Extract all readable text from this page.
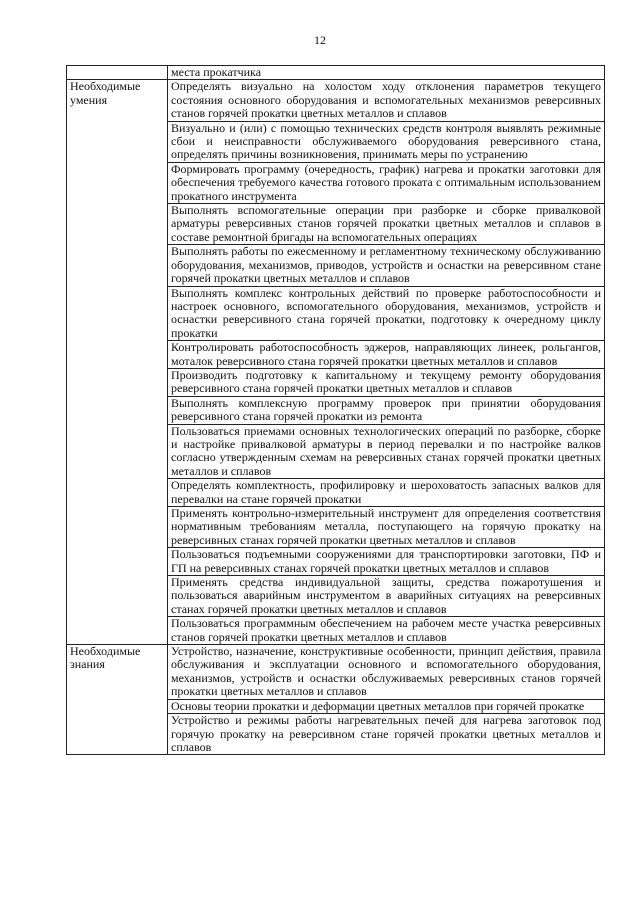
12
	места прокатчика
Необходимые умения	Определять визуально на холостом ходу отклонения параметров текущего состояния основного оборудования и вспомогательных механизмов реверсивных станов горячей прокатки цветных металлов и сплавов
	Визуально и (или) с помощью технических средств контроля выявлять режимные сбои и неисправности обслуживаемого оборудования реверсивного стана, определять причины возникновения, принимать меры по устранению
	Формировать программу (очередность, график) нагрева и прокатки заготовки для обеспечения требуемого качества готового проката с оптимальным использованием прокатного инструмента
	Выполнять вспомогательные операции при разборке и сборке привалковой арматуры реверсивных станов горячей прокатки цветных металлов и сплавов в составе ремонтной бригады на вспомогательных операциях
	Выполнять работы по ежесменному и регламентному техническому обслуживанию оборудования, механизмов, приводов, устройств и оснастки на реверсивном стане горячей прокатки цветных металлов и сплавов
	Выполнять комплекс контрольных действий по проверке работоспособности и настроек основного, вспомогательного оборудования, механизмов, устройств и оснастки реверсивного стана горячей прокатки, подготовку к очередному циклу прокатки
	Контролировать работоспособность эджеров, направляющих линеек, рольгангов, моталок реверсивного стана горячей прокатки цветных металлов и сплавов
	Производить подготовку к капитальному и текущему ремонту оборудования реверсивного стана горячей прокатки цветных металлов и сплавов
	Выполнять комплексную программу проверок при принятии оборудования реверсивного стана горячей прокатки из ремонта
	Пользоваться приемами основных технологических операций по разборке, сборке и настройке привалковой арматуры в период перевалки и по настройке валков согласно утвержденным схемам на реверсивных станах горячей прокатки цветных металлов и сплавов
	Определять комплектность, профилировку и шероховатость запасных валков для перевалки на стане горячей прокатки
	Применять контрольно-измерительный инструмент для определения соответствия нормативным требованиям металла, поступающего на горячую прокатку на реверсивных станах горячей прокатки цветных металлов и сплавов
	Пользоваться подъемными сооружениями для транспортировки заготовки, ПФ и ГП на реверсивных станах горячей прокатки цветных металлов и сплавов
	Применять средства индивидуальной защиты, средства пожаротушения и пользоваться аварийным инструментом в аварийных ситуациях на реверсивных станах горячей прокатки цветных металлов и сплавов
	Пользоваться программным обеспечением на рабочем месте участка реверсивных станов горячей прокатки цветных металлов и сплавов
Необходимые знания	Устройство, назначение, конструктивные особенности, принцип действия, правила обслуживания и эксплуатации основного и вспомогательного оборудования, механизмов, устройств и оснастки обслуживаемых реверсивных станов горячей прокатки цветных металлов и сплавов
	Основы теории прокатки и деформации цветных металлов при горячей прокатке
	Устройство и режимы работы нагревательных печей для нагрева заготовок под горячую прокатку на реверсивном стане горячей прокатки цветных металлов и сплавов
